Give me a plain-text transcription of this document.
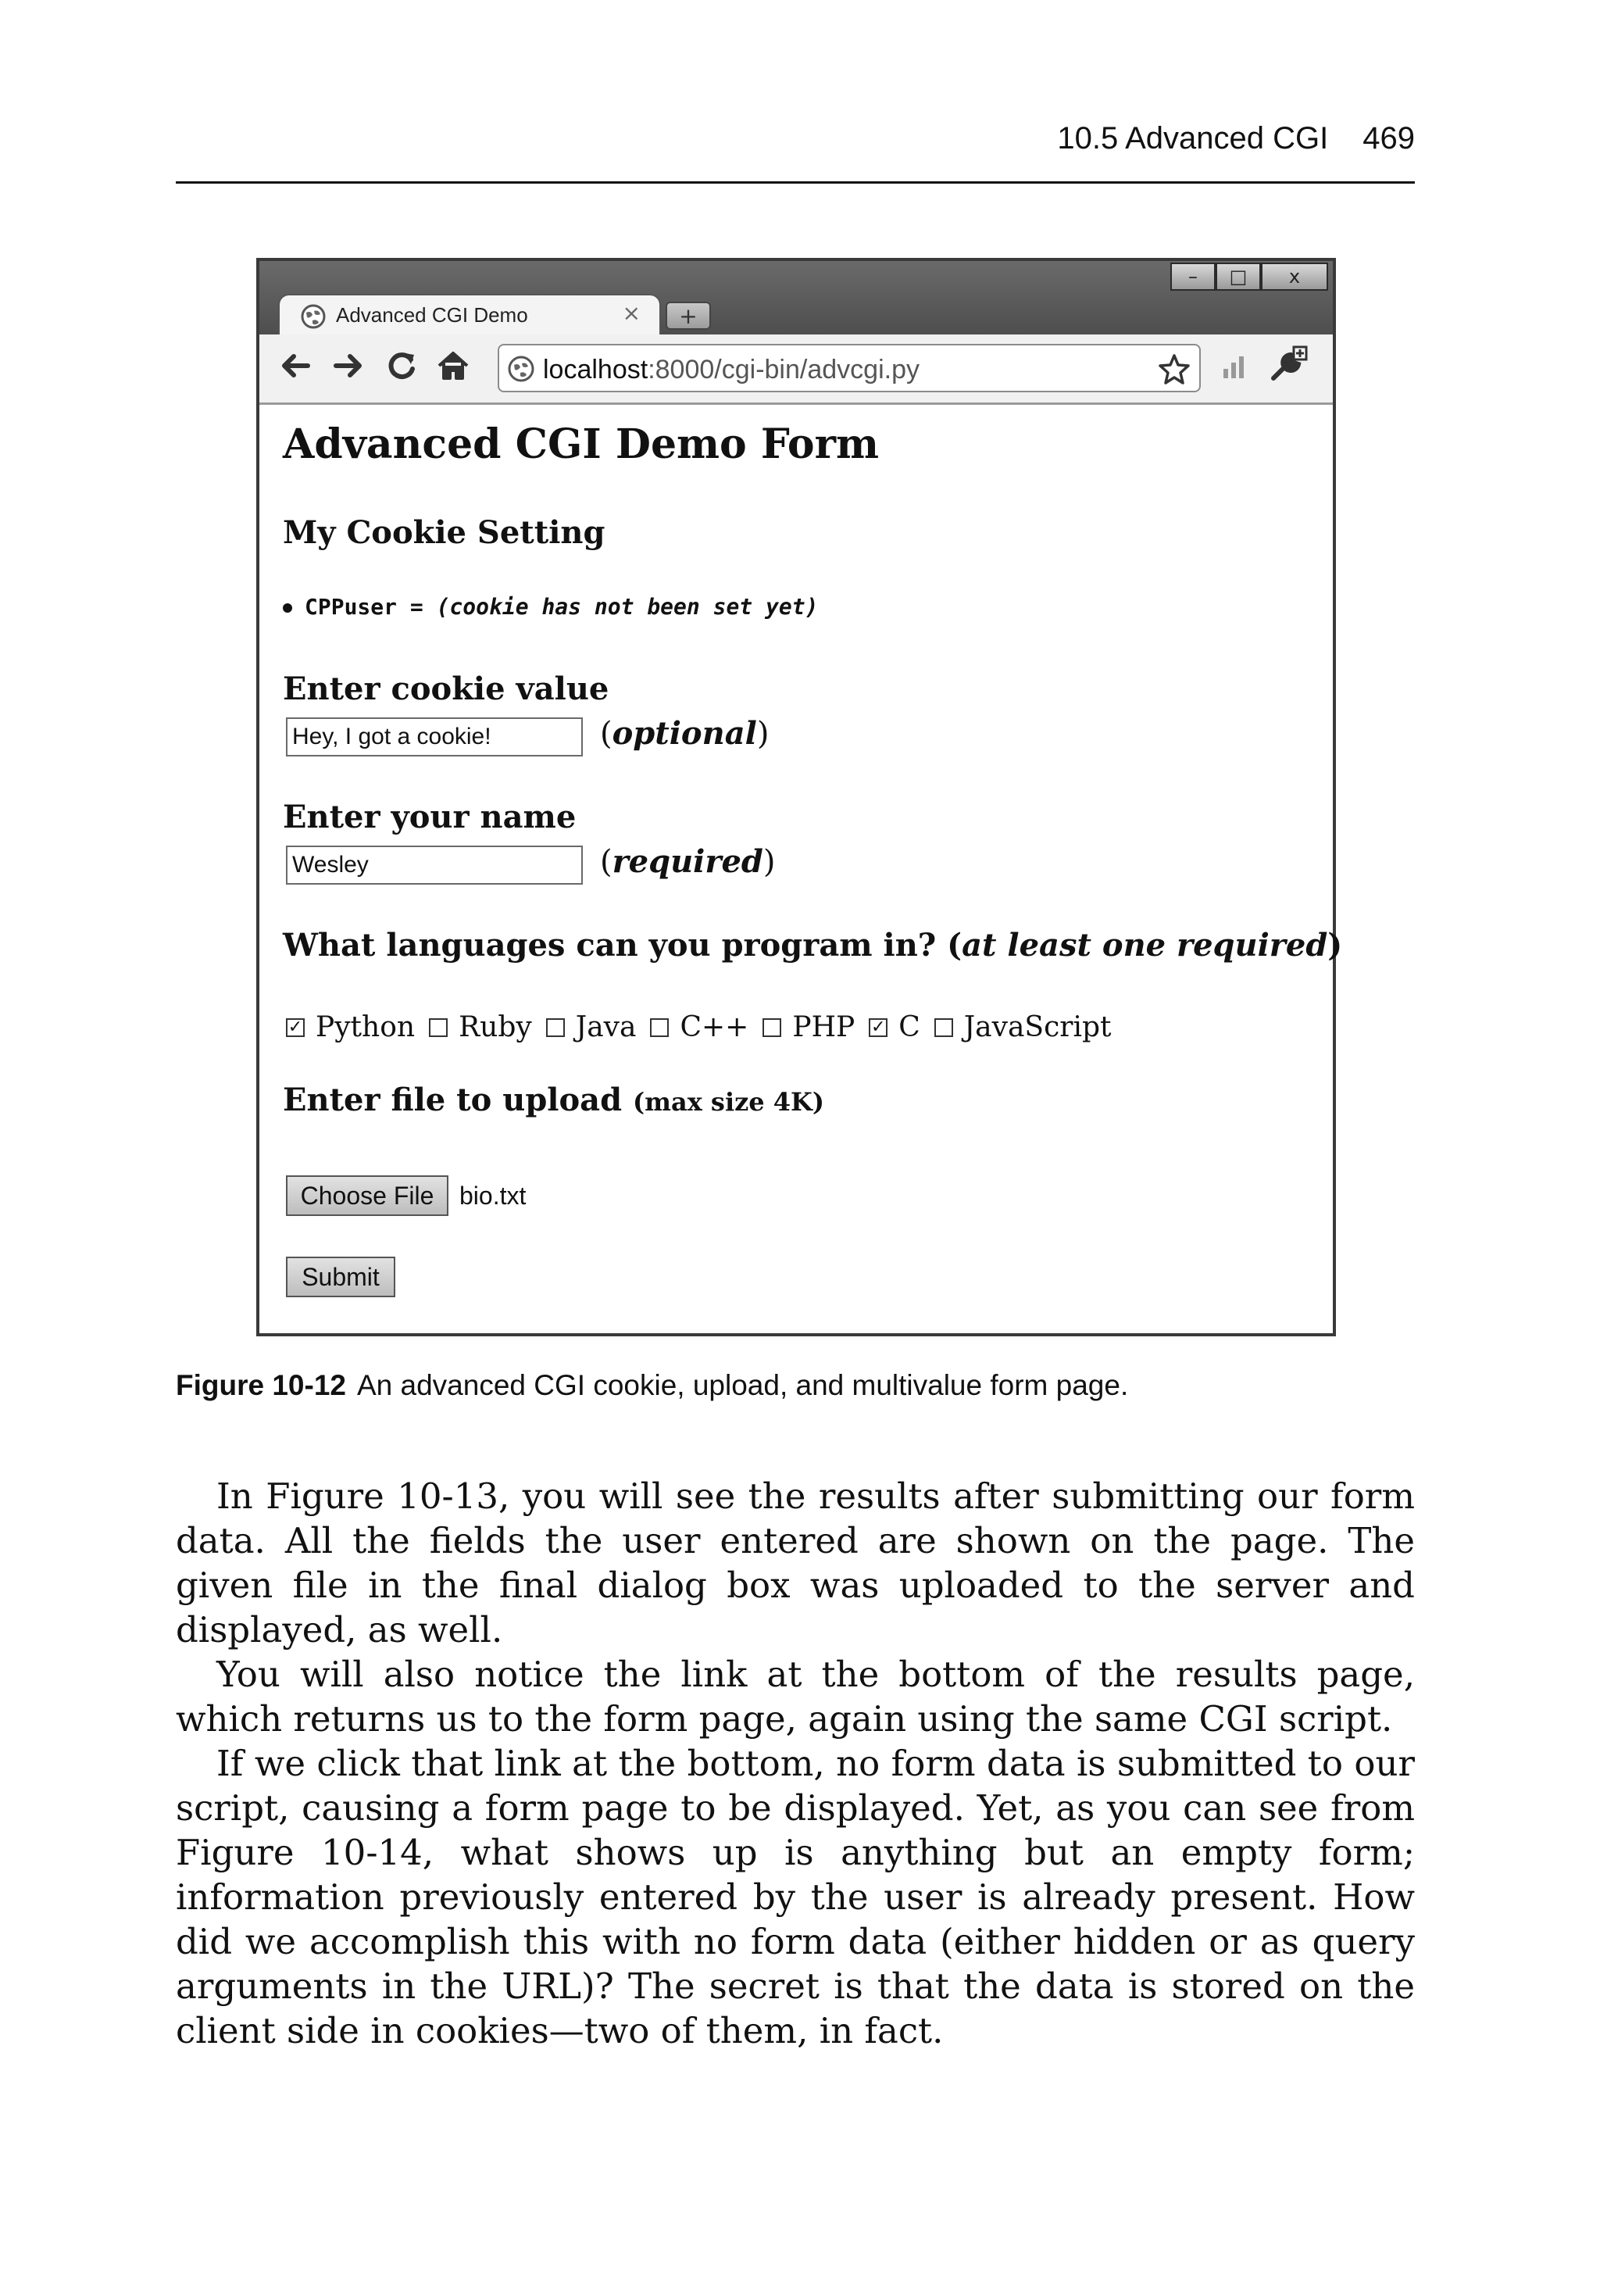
10.5 Advanced CGI 469
–	□	x
Advanced CGI Demo	×	+
localhost:8000/cgi-bin/advcgi.py
Advanced CGI Demo Form
My Cookie Setting
CPPuser = (cookie has not been set yet)
Enter cookie value
Hey, I got a cookie!	(optional)
Enter your name
Wesley	(required)
What languages can you program in? (at least one required)
✓ Python Ruby Java C++ PHP ✓ C JavaScript
Enter file to upload (max size 4K)
Choose File	bio.txt
Submit
Figure 10-12 An advanced CGI cookie, upload, and multivalue form page.

In Figure 10-13, you will see the results after submitting our form data. All the fields the user entered are shown on the page. The given file in the final dialog box was uploaded to the server and displayed, as well.

You will also notice the link at the bottom of the results page, which returns us to the form page, again using the same CGI script.

If we click that link at the bottom, no form data is submitted to our script, causing a form page to be displayed. Yet, as you can see from Figure 10-14, what shows up is anything but an empty form; information previously entered by the user is already present. How did we accomplish this with no form data (either hidden or as query arguments in the URL)? The secret is that the data is stored on the client side in cookies—two of them, in fact.
